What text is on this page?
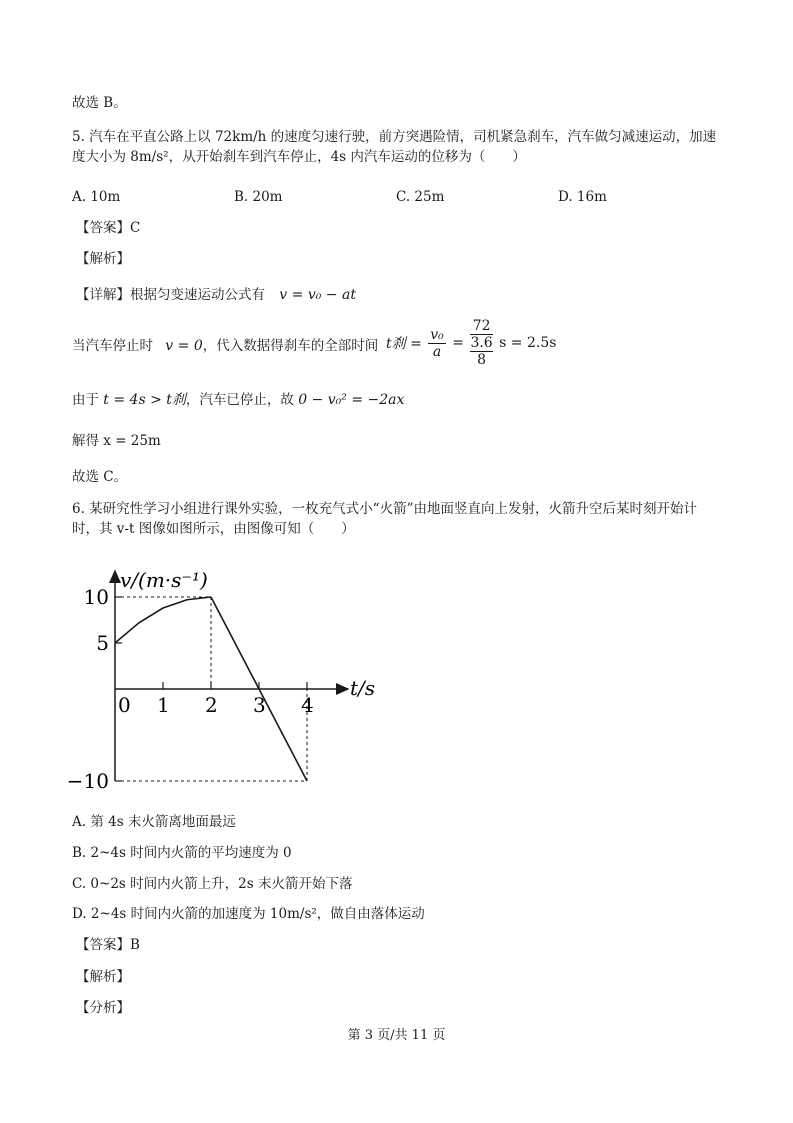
故选 B。
5. 汽车在平直公路上以 72km/h 的速度匀速行驶，前方突遇险情，司机紧急刹车，汽车做匀减速运动，加速度大小为 8m/s²，从开始刹车到汽车停止，4s 内汽车运动的位移为（　　）
A. 10m	B. 20m	C. 25m	D. 16m
【答案】C
【解析】
【详解】根据匀变速运动公式有 v = v₀ − at
当汽车停止时 v = 0，代入数据得刹车的全部时间 t刹 = $\frac{\text{v₀}}{a} = 72$
3.6
8 s = 2.5s
由于 t = 4s > t刹，汽车已停止，故 0 − v₀² = −2ax
解得 x = 25m
故选 C。
6. 某研究性学习小组进行课外实验，一枚充气式小“火箭”由地面竖直向上发射，火箭升空后某时刻开始计时，其 v-t 图像如图所示，由图像可知（　　）
0 1 2 3 4
10
5
−10
v/(m·s⁻¹)
t/s
A. 第 4s 末火箭离地面最远
B. 2~4s 时间内火箭的平均速度为 0
C. 0~2s 时间内火箭上升，2s 末火箭开始下落
D. 2~4s 时间内火箭的加速度为 10m/s²，做自由落体运动
【答案】B
【解析】
【分析】
第 3 页/共 11 页
